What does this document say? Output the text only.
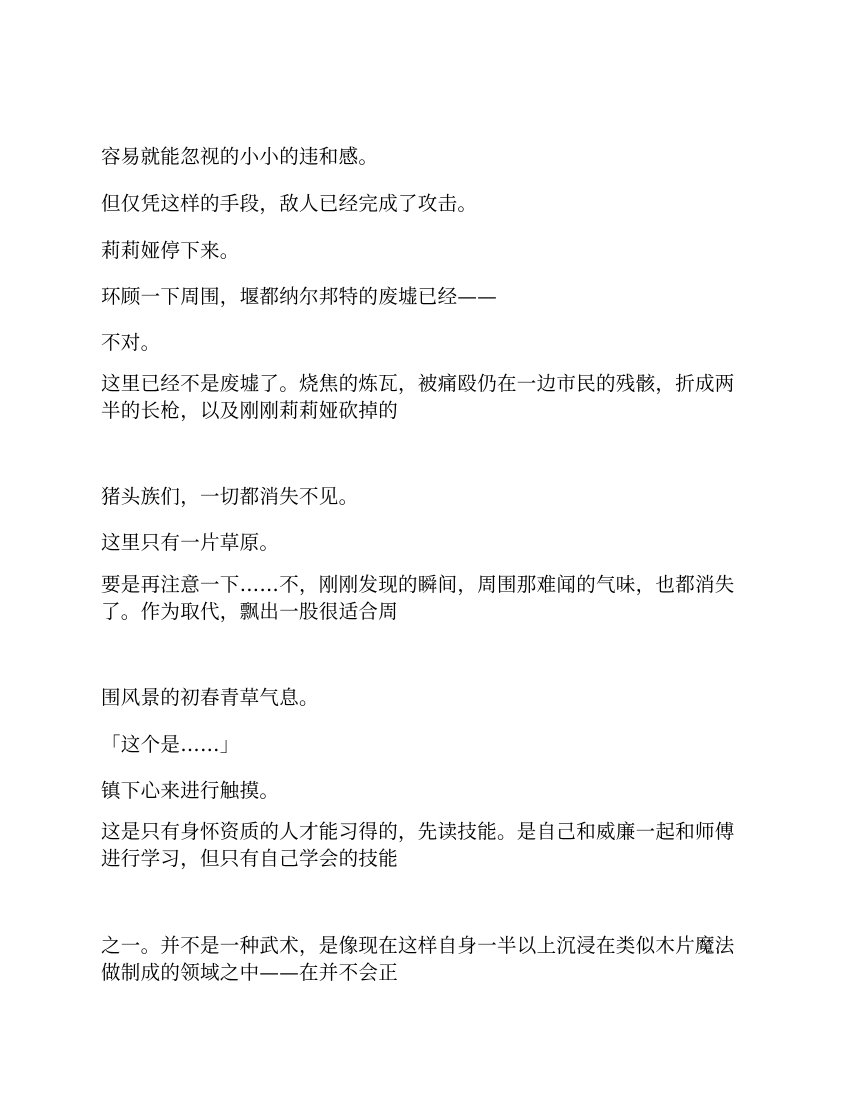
容易就能忽视的小小的违和感。

但仅凭这样的手段，敌人已经完成了攻击。

莉莉娅停下来。

环顾一下周围，堰都纳尔邦特的废墟已经——

不对。

这里已经不是废墟了。烧焦的炼瓦，被痛殴仍在一边市民的残骸，折成两半的长枪，以及刚刚莉莉娅砍掉的

猪头族们，一切都消失不见。

这里只有一片草原。

要是再注意一下……不，刚刚发现的瞬间，周围那难闻的气味，也都消失了。作为取代，飘出一股很适合周

围风景的初春青草气息。

「这个是……」

镇下心来进行触摸。

这是只有身怀资质的人才能习得的，先读技能。是自己和威廉一起和师傅进行学习，但只有自己学会的技能

之一。并不是一种武术，是像现在这样自身一半以上沉浸在类似木片魔法做制成的领域之中——在并不会正
